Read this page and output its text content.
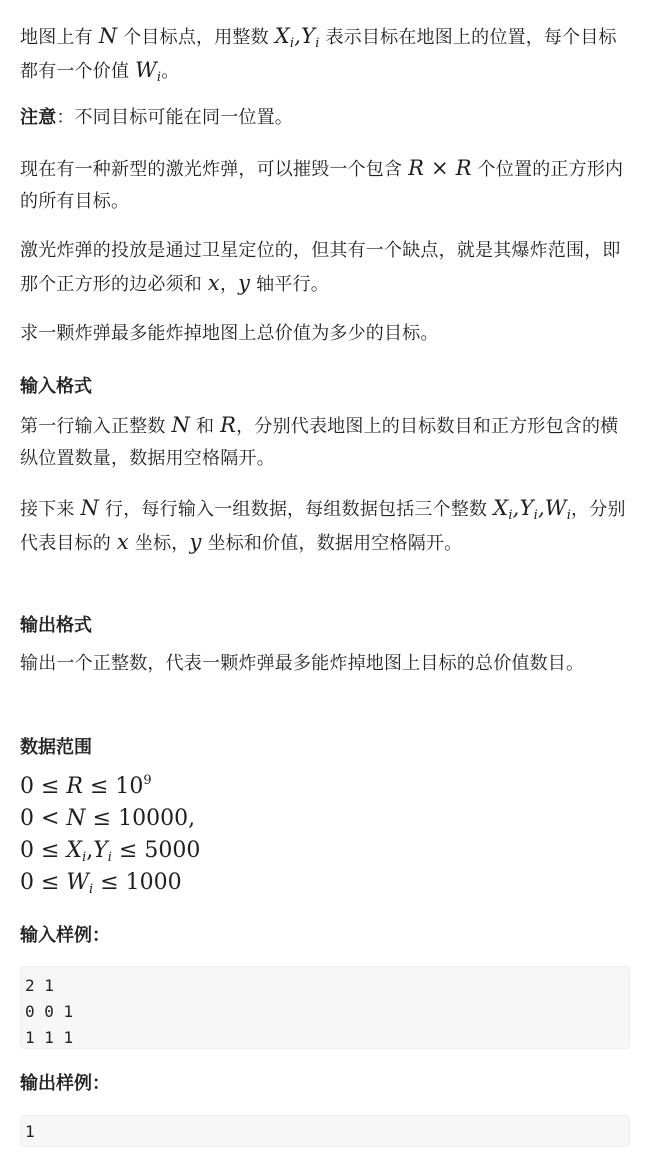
地图上有 N 个目标点，用整数 $X_i,Y_i$ 表示目标在地图上的位置，每个目标都有一个价值 $W_i$。

注意：不同目标可能在同一位置。

现在有一种新型的激光炸弹，可以摧毁一个包含 R × R 个位置的正方形内的所有目标。

激光炸弹的投放是通过卫星定位的，但其有一个缺点，就是其爆炸范围，即那个正方形的边必须和 x，y 轴平行。

求一颗炸弹最多能炸掉地图上总价值为多少的目标。

输入格式

第一行输入正整数 N 和 R，分别代表地图上的目标数目和正方形包含的横纵位置数量，数据用空格隔开。

接下来 N 行，每行输入一组数据，每组数据包括三个整数 $X_i,Y_i,W_i$，分别代表目标的 x 坐标，y 坐标和价值，数据用空格隔开。

输出格式

输出一个正整数，代表一颗炸弹最多能炸掉地图上目标的总价值数目。

数据范围
$0 \le R \le 10^9$
0 < N ≤ 10000,
$0 \le X_i,Y_i \le 5000$
$0 \le W_i \le 1000$
输入样例：
2 1
0 0 1
1 1 1
输出样例：
1
